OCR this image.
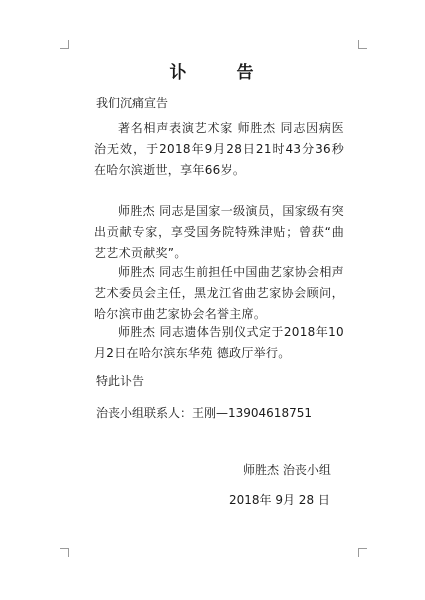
讣 告
我们沉痛宣告
著名相声表演艺术家 师胜杰 同志因病医治无效，于2018年9月28日21时43分36秒在哈尔滨逝世，享年66岁。
师胜杰 同志是国家一级演员，国家级有突出贡献专家，享受国务院特殊津贴；曾获“曲艺艺术贡献奖”。
师胜杰 同志生前担任中国曲艺家协会相声艺术委员会主任，黑龙江省曲艺家协会顾问，哈尔滨市曲艺家协会名誉主席。
师胜杰 同志遗体告别仪式定于2018年10月2日在哈尔滨东华苑 德政厅举行。
特此讣告
治丧小组联系人：王刚—13904618751
师胜杰 治丧小组
2018年 9月 28 日
